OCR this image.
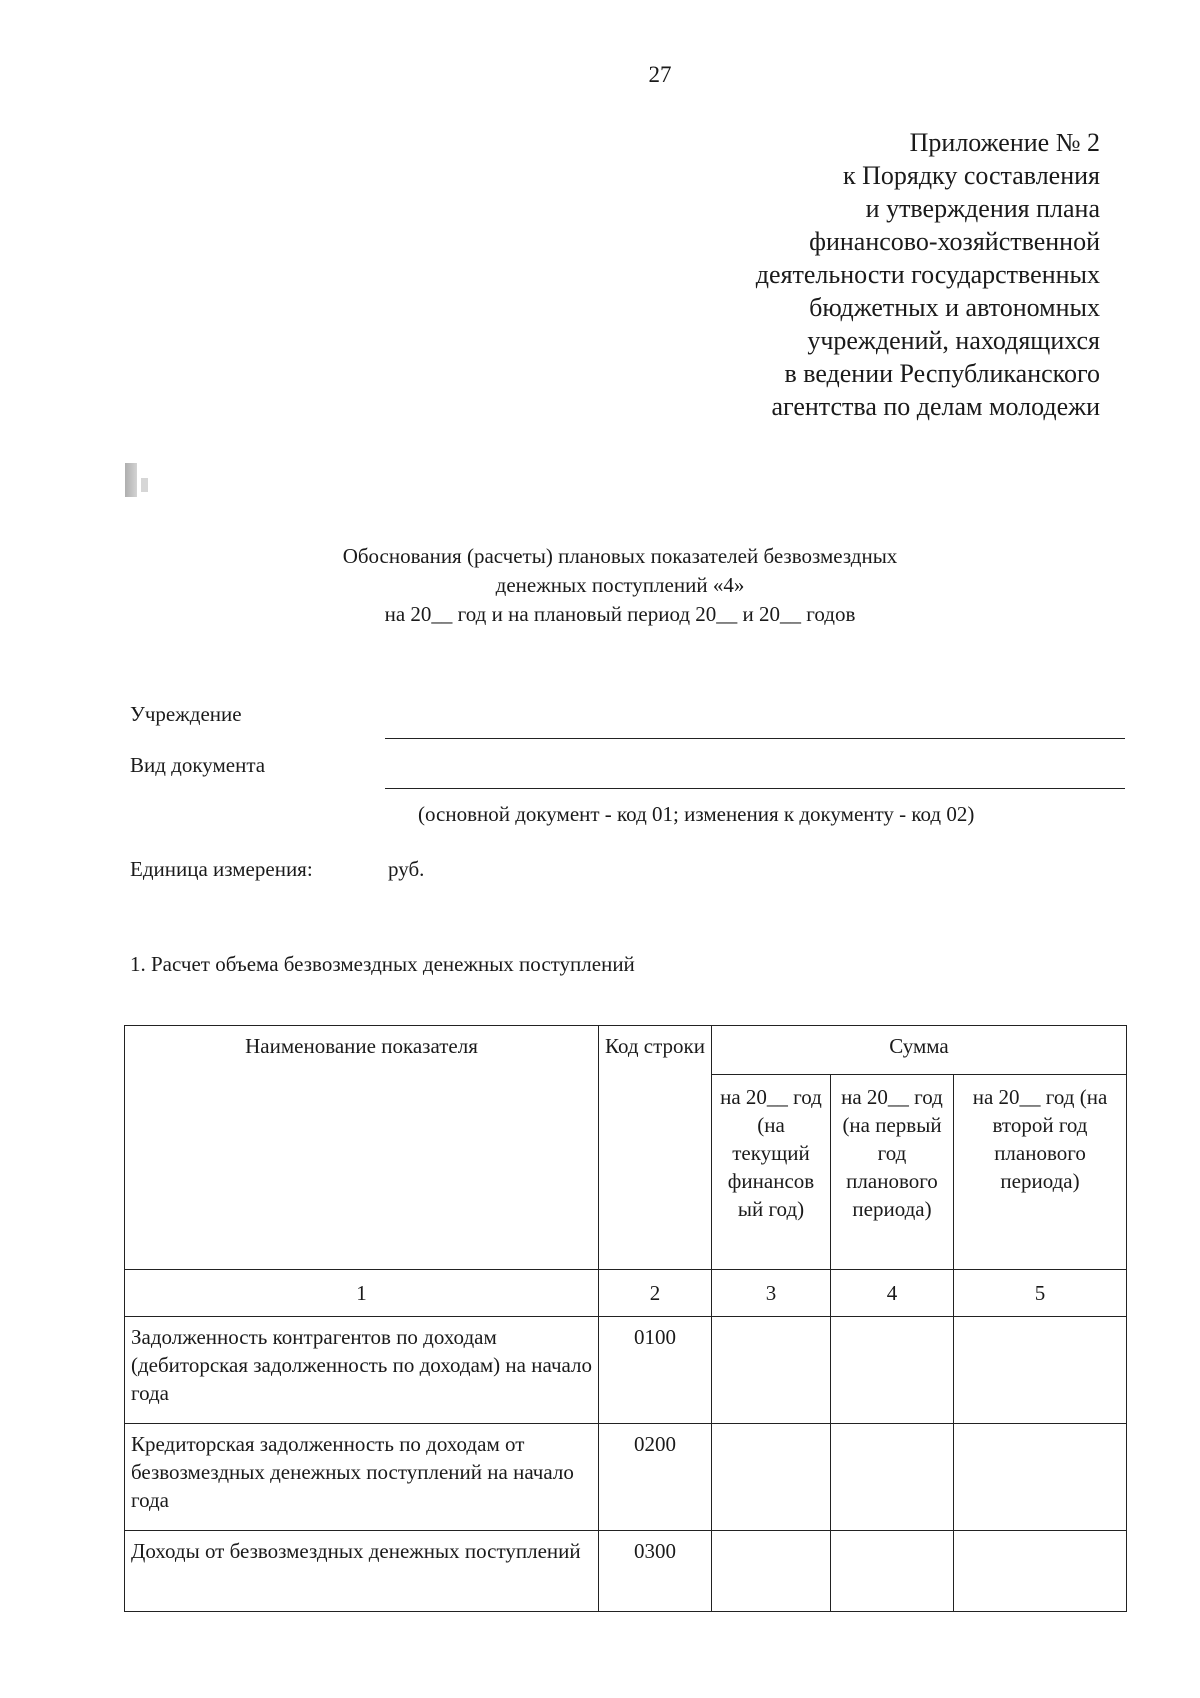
27
Приложение № 2
к Порядку составления
и утверждения плана
финансово-хозяйственной
деятельности государственных
бюджетных и автономных
учреждений, находящихся
в ведении Республиканского
агентства по делам молодежи
Обоснования (расчеты) плановых показателей безвозмездных
денежных поступлений «4»
на 20__ год и на плановый период 20__ и 20__ годов
Учреждение
Вид документа
(основной документ - код 01; изменения к документу - код 02)
Единица измерения:	руб.
1. Расчет объема безвозмездных денежных поступлений
Наименование показателя	Код строки	Сумма		
		на 20__ год (на текущий финансов ый год)	на 20__ год (на первый год планового периода)	на 20__ год (на второй год планового периода)
1	2	3	4	5
Задолженность контрагентов по доходам (дебиторская задолженность по доходам) на начало года	0100			
Кредиторская задолженность по доходам от безвозмездных денежных поступлений на начало года	0200			
Доходы от безвозмездных денежных поступлений	0300			
